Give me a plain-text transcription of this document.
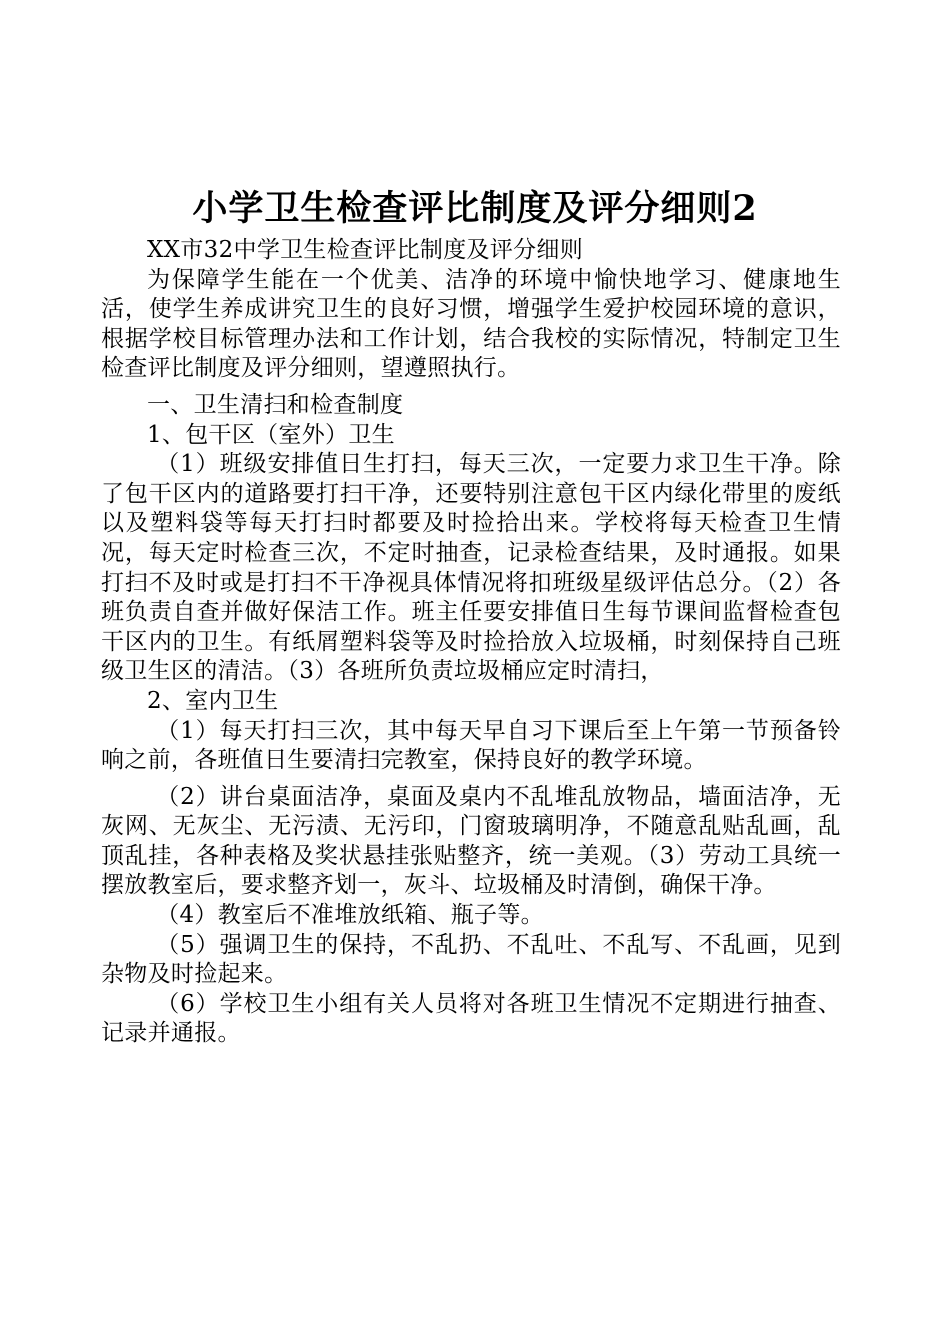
小学卫生检查评比制度及评分细则2

XX市32中学卫生检查评比制度及评分细则

为保障学生能在一个优美、洁净的环境中愉快地学习、健康地生活，使学生养成讲究卫生的良好习惯，增强学生爱护校园环境的意识，根据学校目标管理办法和工作计划，结合我校的实际情况，特制定卫生检查评比制度及评分细则，望遵照执行。

一、卫生清扫和检查制度

1、包干区（室外）卫生

（1）班级安排值日生打扫，每天三次，一定要力求卫生干净。除了包干区内的道路要打扫干净，还要特别注意包干区内绿化带里的废纸以及塑料袋等每天打扫时都要及时捡拾出来。学校将每天检查卫生情况，每天定时检查三次，不定时抽查，记录检查结果，及时通报。如果打扫不及时或是打扫不干净视具体情况将扣班级星级评估总分。（2）各班负责自查并做好保洁工作。班主任要安排值日生每节课间监督检查包干区内的卫生。有纸屑塑料袋等及时捡拾放入垃圾桶，时刻保持自己班级卫生区的清洁。（3）各班所负责垃圾桶应定时清扫，

2、室内卫生

（1）每天打扫三次，其中每天早自习下课后至上午第一节预备铃响之前，各班值日生要清扫完教室，保持良好的教学环境。

（2）讲台桌面洁净，桌面及桌内不乱堆乱放物品，墙面洁净，无灰网、无灰尘、无污渍、无污印，门窗玻璃明净，不随意乱贴乱画，乱顶乱挂，各种表格及奖状悬挂张贴整齐，统一美观。（3）劳动工具统一摆放教室后，要求整齐划一，灰斗、垃圾桶及时清倒，确保干净。

（4）教室后不准堆放纸箱、瓶子等。

（5）强调卫生的保持，不乱扔、不乱吐、不乱写、不乱画，见到杂物及时捡起来。

（6）学校卫生小组有关人员将对各班卫生情况不定期进行抽查、记录并通报。
